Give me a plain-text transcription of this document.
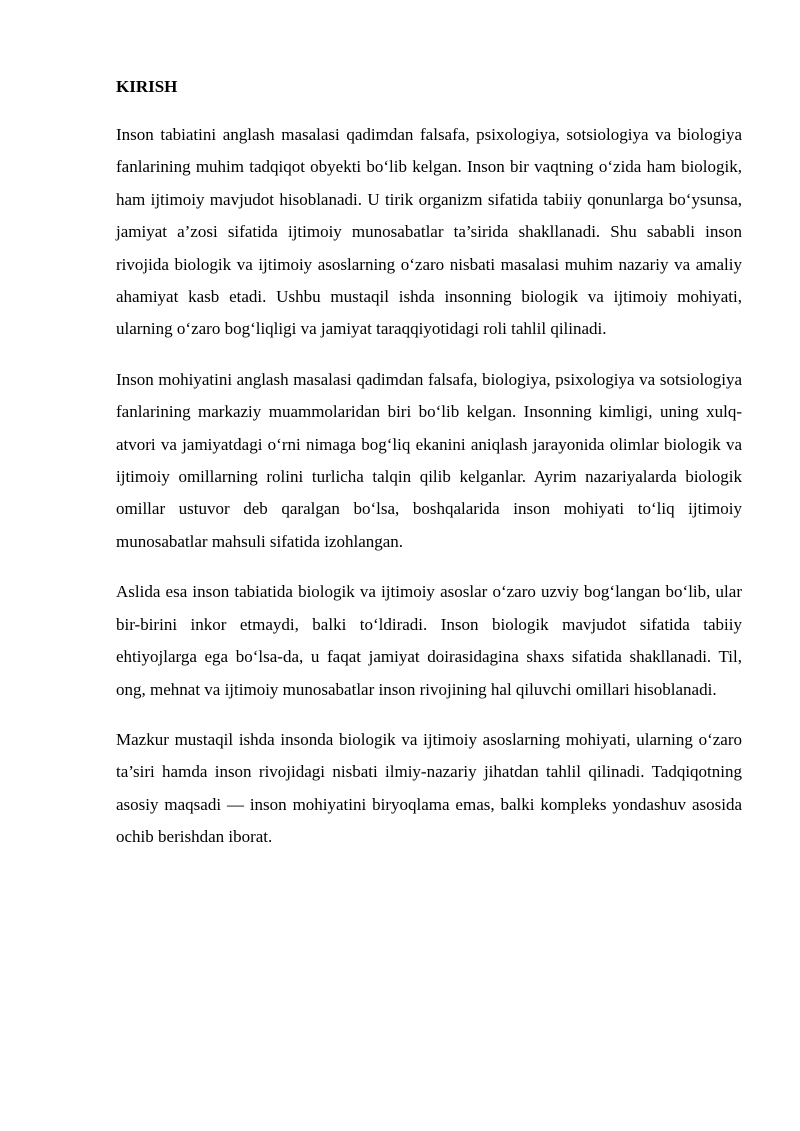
KIRISH

Inson tabiatini anglash masalasi qadimdan falsafa, psixologiya, sotsiologiya va biologiya fanlarining muhim tadqiqot obyekti bo‘lib kelgan. Inson bir vaqtning o‘zida ham biologik, ham ijtimoiy mavjudot hisoblanadi. U tirik organizm sifatida tabiiy qonunlarga bo‘ysunsa, jamiyat a’zosi sifatida ijtimoiy munosabatlar ta’sirida shakllanadi. Shu sababli inson rivojida biologik va ijtimoiy asoslarning o‘zaro nisbati masalasi muhim nazariy va amaliy ahamiyat kasb etadi. Ushbu mustaqil ishda insonning biologik va ijtimoiy mohiyati, ularning o‘zaro bog‘liqligi va jamiyat taraqqiyotidagi roli tahlil qilinadi.

Inson mohiyatini anglash masalasi qadimdan falsafa, biologiya, psixologiya va sotsiologiya fanlarining markaziy muammolaridan biri bo‘lib kelgan. Insonning kimligi, uning xulq-atvori va jamiyatdagi o‘rni nimaga bog‘liq ekanini aniqlash jarayonida olimlar biologik va ijtimoiy omillarning rolini turlicha talqin qilib kelganlar. Ayrim nazariyalarda biologik omillar ustuvor deb qaralgan bo‘lsa, boshqalarida inson mohiyati to‘liq ijtimoiy munosabatlar mahsuli sifatida izohlangan.

Aslida esa inson tabiatida biologik va ijtimoiy asoslar o‘zaro uzviy bog‘langan bo‘lib, ular bir-birini inkor etmaydi, balki to‘ldiradi. Inson biologik mavjudot sifatida tabiiy ehtiyojlarga ega bo‘lsa-da, u faqat jamiyat doirasidagina shaxs sifatida shakllanadi. Til, ong, mehnat va ijtimoiy munosabatlar inson rivojining hal qiluvchi omillari hisoblanadi.

Mazkur mustaqil ishda insonda biologik va ijtimoiy asoslarning mohiyati, ularning o‘zaro ta’siri hamda inson rivojidagi nisbati ilmiy-nazariy jihatdan tahlil qilinadi. Tadqiqotning asosiy maqsadi — inson mohiyatini biryoqlama emas, balki kompleks yondashuv asosida ochib berishdan iborat.
